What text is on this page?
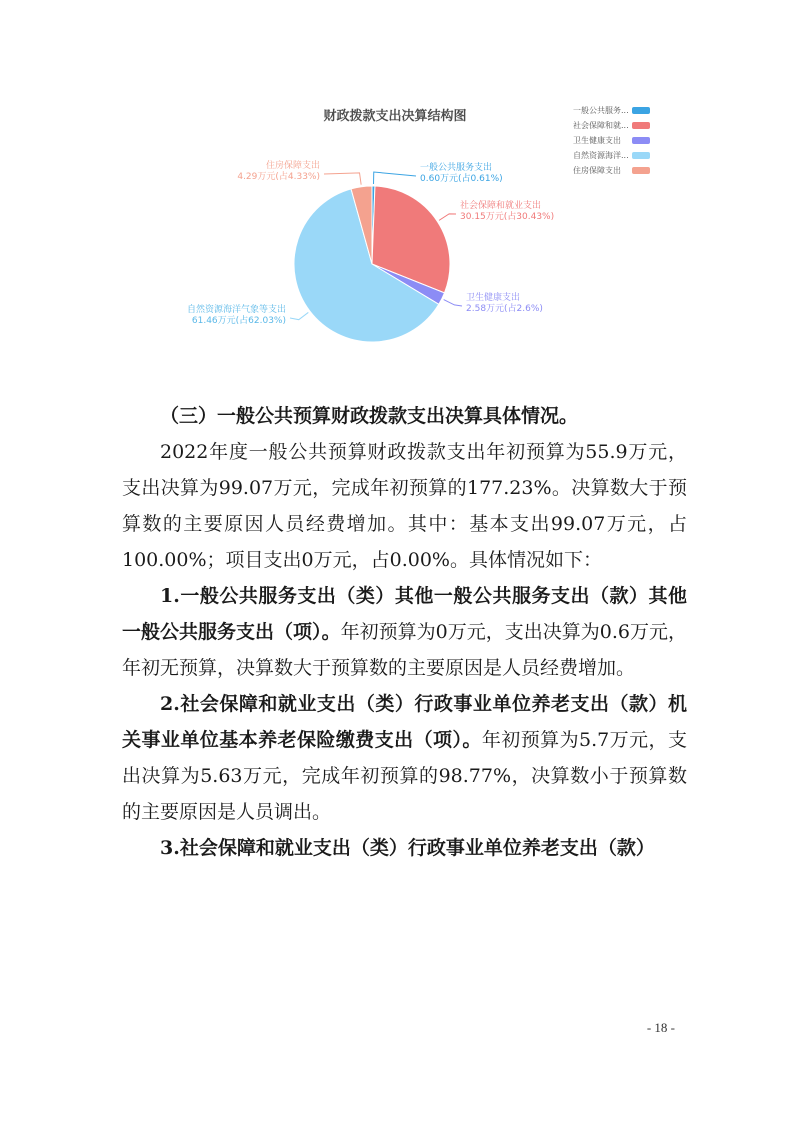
财政拨款支出决算结构图
一般公共服务支出
0.60万元(占0.61%)
社会保障和就业支出
30.15万元(占30.43%)
卫生健康支出
2.58万元(占2.6%)
自然资源海洋气象等支出
61.46万元(占62.03%)
住房保障支出
4.29万元(占4.33%)
一般公共服务...
社会保障和就...
卫生健康支出
自然资源海洋...
住房保障支出

（三）一般公共预算财政拨款支出决算具体情况。

2022年度一般公共预算财政拨款支出年初预算为55.9万元，支出决算为99.07万元，完成年初预算的177.23%。决算数大于预算数的主要原因人员经费增加。其中：基本支出99.07万元，占100.00%；项目支出0万元，占0.00%。具体情况如下：

1.一般公共服务支出（类）其他一般公共服务支出（款）其他一般公共服务支出（项）。年初预算为0万元，支出决算为0.6万元，年初无预算，决算数大于预算数的主要原因是人员经费增加。

2.社会保障和就业支出（类）行政事业单位养老支出（款）机关事业单位基本养老保险缴费支出（项）。年初预算为5.7万元，支出决算为5.63万元，完成年初预算的98.77%，决算数小于预算数的主要原因是人员调出。

3.社会保障和就业支出（类）行政事业单位养老支出（款）

- 18 -
